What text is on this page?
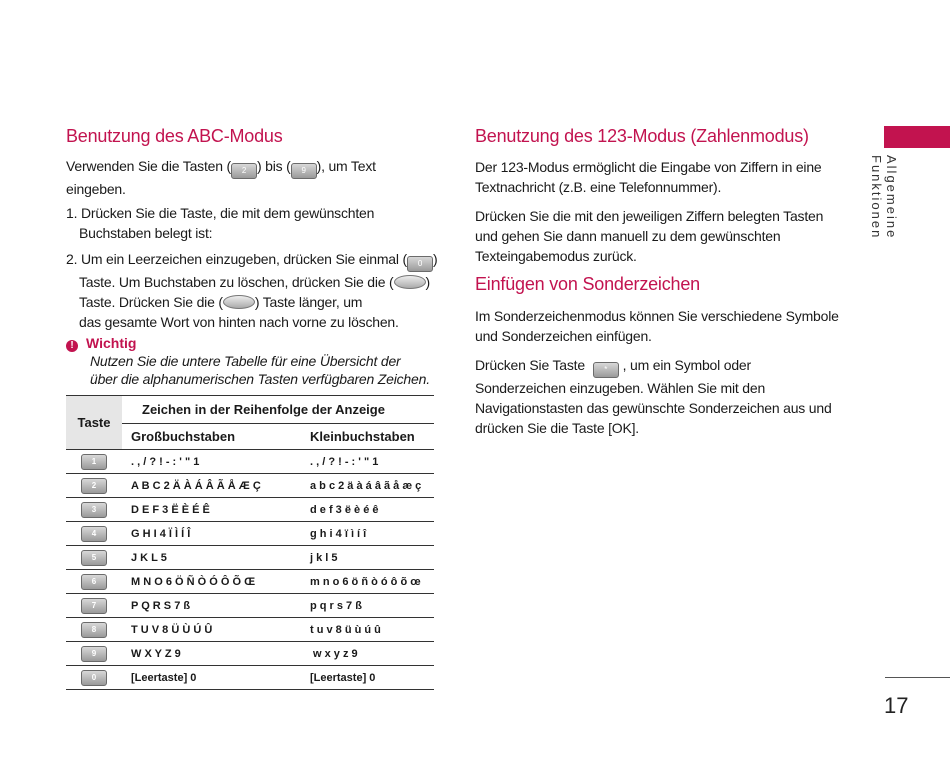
Benutzung des ABC-Modus
Verwenden Sie die Tasten ( 2 ) bis ( 9 ), um Text
eingeben.
1. Drücken Sie die Taste, die mit dem gewünschten
Buchstaben belegt ist:
2. Um ein Leerzeichen einzugeben, drücken Sie einmal ( 0 )
Taste. Um Buchstaben zu löschen, drücken Sie die ( )
Taste. Drücken Sie die ( ) Taste länger, um
das gesamte Wort von hinten nach vorne zu löschen.
! Wichtig
Nutzen Sie die untere Tabelle für eine Übersicht der
über die alphanumerischen Tasten verfügbaren Zeichen.
Taste	Zeichen in der Reihenfolge der Anzeige	
	Großbuchstaben	Kleinbuchstaben
1	. , / ? ! - : ' " 1	. , / ? ! - : ' " 1
2	A B C 2 Ä À Á Â Ã Å Æ Ç	a b c 2 ä à á â ã å æ ç
3	D E F 3 Ë È É Ê	d e f 3 ë è é ê
4	G H I 4 Ï Ì Í Î	g h i 4 ï ì í î
5	J K L 5	j k l 5
6	M N O 6 Ö Ñ Ò Ó Ô Õ Œ	m n o 6 ö ñ ò ó ô õ œ
7	P Q R S 7 ß	p q r s 7 ß
8	T U V 8 Ü Ù Ú Û	t u v 8 ü ù ú û
9	W X Y Z 9	w x y z 9
0	[Leertaste] 0	[Leertaste] 0
Benutzung des 123-Modus (Zahlenmodus)
Der 123-Modus ermöglicht die Eingabe von Ziffern in eine
Textnachricht (z.B. eine Telefonnummer).
Drücken Sie die mit den jeweiligen Ziffern belegten Tasten
und gehen Sie dann manuell zu dem gewünschten
Texteingabemodus zurück.
Einfügen von Sonderzeichen
Im Sonderzeichenmodus können Sie verschiedene Symbole
und Sonderzeichen einfügen.
Drücken Sie Taste * , um ein Symbol oder
Sonderzeichen einzugeben. Wählen Sie mit den
Navigationstasten das gewünschte Sonderzeichen aus und
drücken Sie die Taste [OK].
Allgemeine Funktionen
17
